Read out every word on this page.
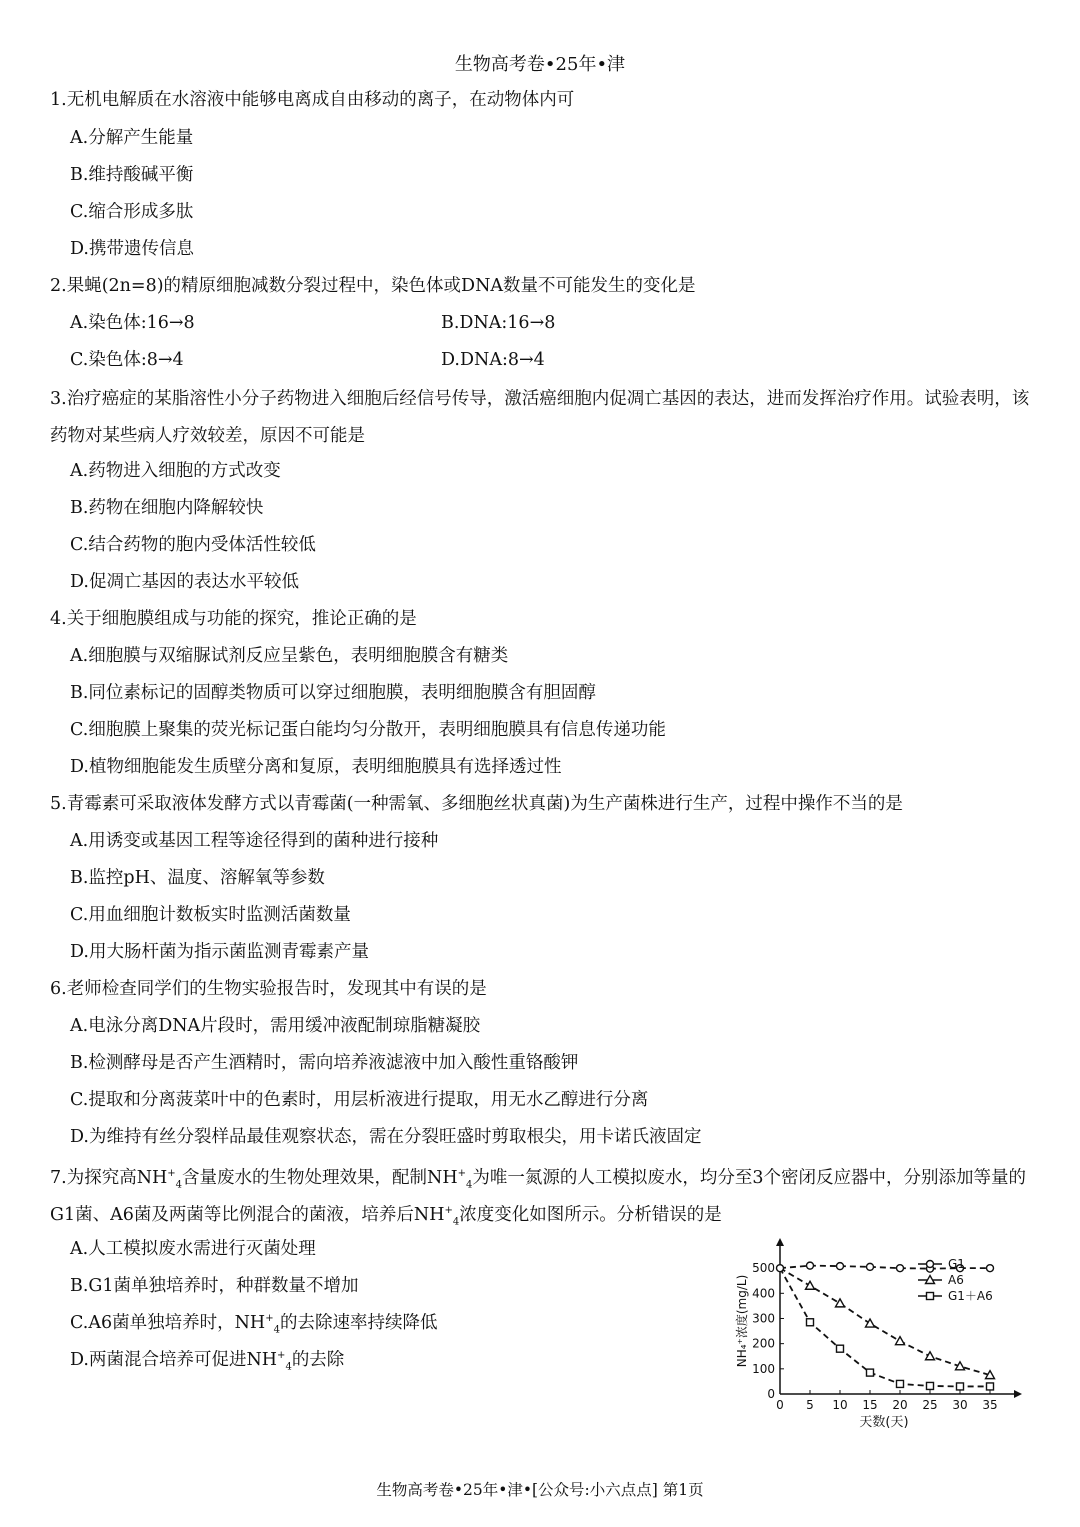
生物高考卷•25年•津
1.无机电解质在水溶液中能够电离成自由移动的离子，在动物体内可
A.分解产生能量
B.维持酸碱平衡
C.缩合形成多肽
D.携带遗传信息
2.果蝇(2n=8)的精原细胞减数分裂过程中，染色体或DNA数量不可能发生的变化是
A.染色体:16→8	B.DNA:16→8
C.染色体:8→4	D.DNA:8→4
3.治疗癌症的某脂溶性小分子药物进入细胞后经信号传导，激活癌细胞内促凋亡基因的表达，进而发挥治疗作用。试验表明，该药物对某些病人疗效较差，原因不可能是
A.药物进入细胞的方式改变
B.药物在细胞内降解较快
C.结合药物的胞内受体活性较低
D.促凋亡基因的表达水平较低
4.关于细胞膜组成与功能的探究，推论正确的是
A.细胞膜与双缩脲试剂反应呈紫色，表明细胞膜含有糖类
B.同位素标记的固醇类物质可以穿过细胞膜，表明细胞膜含有胆固醇
C.细胞膜上聚集的荧光标记蛋白能均匀分散开，表明细胞膜具有信息传递功能
D.植物细胞能发生质壁分离和复原，表明细胞膜具有选择透过性
5.青霉素可采取液体发酵方式以青霉菌(一种需氧、多细胞丝状真菌)为生产菌株进行生产，过程中操作不当的是
A.用诱变或基因工程等途径得到的菌种进行接种
B.监控pH、温度、溶解氧等参数
C.用血细胞计数板实时监测活菌数量
D.用大肠杆菌为指示菌监测青霉素产量
6.老师检查同学们的生物实验报告时，发现其中有误的是
A.电泳分离DNA片段时，需用缓冲液配制琼脂糖凝胶
B.检测酵母是否产生酒精时，需向培养液滤液中加入酸性重铬酸钾
C.提取和分离菠菜叶中的色素时，用层析液进行提取，用无水乙醇进行分离
D.为维持有丝分裂样品最佳观察状态，需在分裂旺盛时剪取根尖，用卡诺氏液固定
7.为探究高$NH^+_4$含量废水的生物处理效果，配制$NH^+_4$为唯一氮源的人工模拟废水，均分至3个密闭反应器中，分别添加等量的G1菌、A6菌及两菌等比例混合的菌液，培养后$NH^+_4$浓度变化如图所示。分析错误的是
A.人工模拟废水需进行灭菌处理
B.G1菌单独培养时，种群数量不增加
C.A6菌单独培养时，$NH^+_4$的去除速率持续降低
D.两菌混合培养可促进$NH^+_4$的去除
0 5 10 15 20 25 30 35
0
100
200
300
400
500
天数(天)
NH₄⁺浓度(mg/L)
G1
A6
G1＋A6
生物高考卷•25年•津•[公众号:小六点点] 第1页
